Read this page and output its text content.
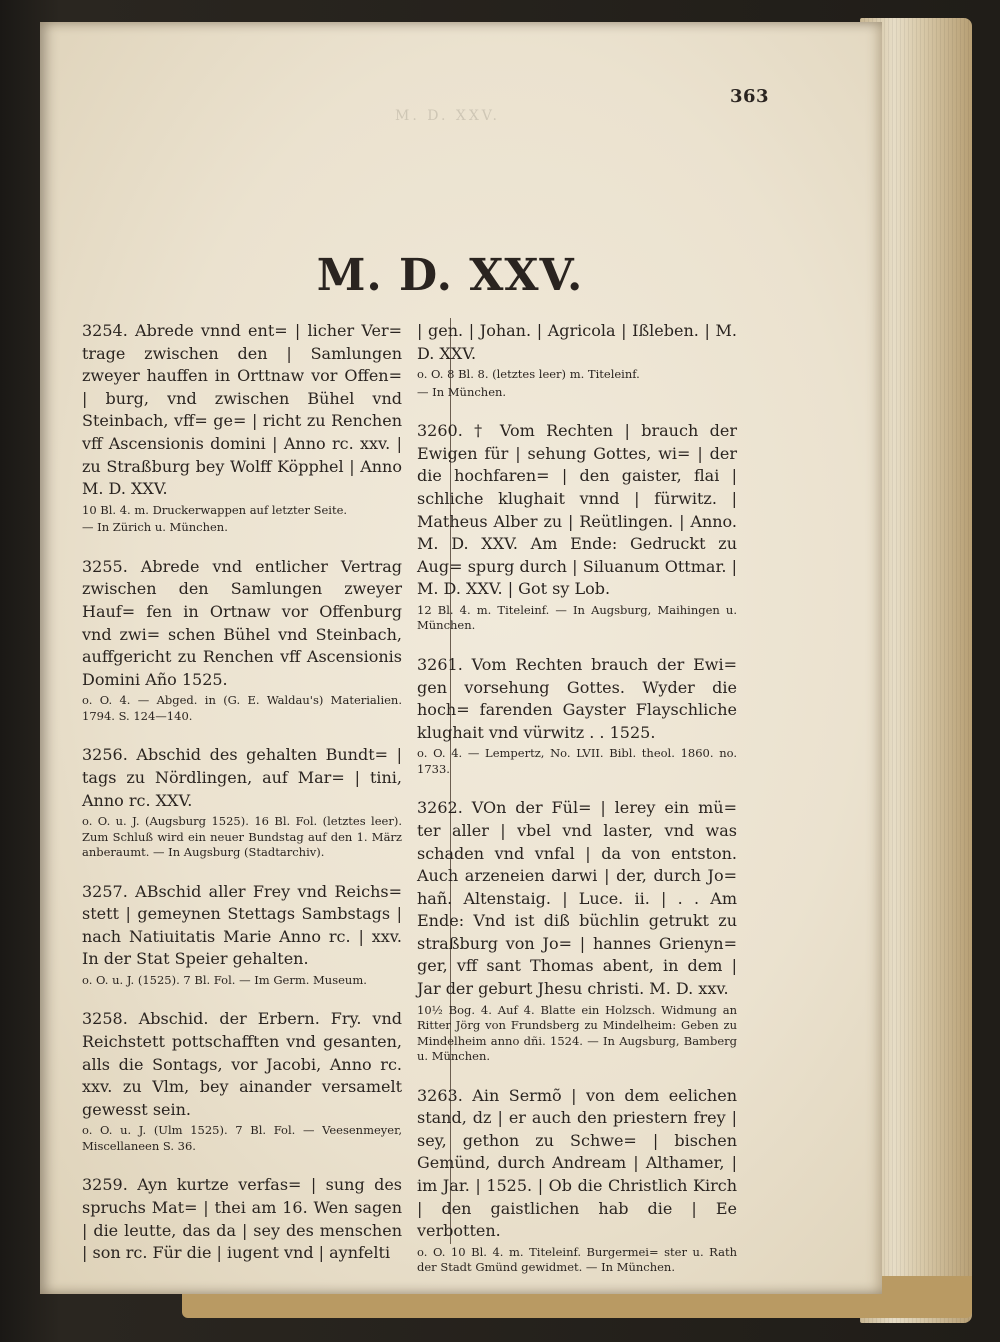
M. D. XXV.
363
M. D. XXV.

3254. Abrede vnnd ent= | licher Ver= trage zwischen den | Samlungen zweyer hauffen in Orttnaw vor Offen= | burg, vnd zwischen Bühel vnd Steinbach, vff= ge= | richt zu Renchen vff Ascensionis domini | Anno rc. xxv. | zu Straßburg bey Wolff Köpphel | Anno M. D. XXV.

10 Bl. 4. m. Druckerwappen auf letzter Seite.

— In Zürich u. München.

3255. Abrede vnd entlicher Vertrag zwischen den Samlungen zweyer Hauf= fen in Ortnaw vor Offenburg vnd zwi= schen Bühel vnd Steinbach, auffgericht zu Renchen vff Ascensionis Domini Año 1525.

o. O. 4. — Abged. in (G. E. Waldau's) Materialien. 1794. S. 124—140.

3256. Abschid des gehalten Bundt= | tags zu Nördlingen, auf Mar= | tini, Anno rc. XXV.

o. O. u. J. (Augsburg 1525). 16 Bl. Fol. (letztes leer). Zum Schluß wird ein neuer Bundstag auf den 1. März anberaumt. — In Augsburg (Stadtarchiv).

3257. ABschid aller Frey vnd Reichs= stett | gemeynen Stettags Sambstags | nach Natiuitatis Marie Anno rc. | xxv. In der Stat Speier gehalten.

o. O. u. J. (1525). 7 Bl. Fol. — Im Germ. Museum.

3258. Abschid. der Erbern. Fry. vnd Reichstett pottschafften vnd gesanten, alls die Sontags, vor Jacobi, Anno rc. xxv. zu Vlm, bey ainander versamelt gewesst sein.

o. O. u. J. (Ulm 1525). 7 Bl. Fol. — Veesenmeyer, Miscellaneen S. 36.

3259. Ayn kurtze verfas= | sung des spruchs Mat= | thei am 16. Wen sagen | die leutte, das da | sey des menschen | son rc. Für die | iugent vnd | aynfelti

| gen. | Johan. | Agricola | Ißleben. | M. D. XXV.

o. O. 8 Bl. 8. (letztes leer) m. Titeleinf.

— In München.

3260. † Vom Rechten | brauch der Ewigen für | sehung Gottes, wi= | der die hochfaren= | den gaister, flai | schliche klughait vnnd | fürwitz. | Matheus Alber zu | Reütlingen. | Anno. M. D. XXV. Am Ende: Gedruckt zu Aug= spurg durch | Siluanum Ottmar. | M. D. XXV. | Got sy Lob.

12 Bl. 4. m. Titeleinf. — In Augsburg, Maihingen u. München.

3261. Vom Rechten brauch der Ewi= gen vorsehung Gottes. Wyder die hoch= farenden Gayster Flayschliche klughait vnd vürwitz . . 1525.

o. O. 4. — Lempertz, No. LVII. Bibl. theol. 1860. no. 1733.

3262. VOn der Fül= | lerey ein mü= ter aller | vbel vnd laster, vnd was schaden vnd vnfal | da von entston. Auch arzeneien darwi | der, durch Jo= hañ. Altenstaig. | Luce. ii. | . . Am Ende: Vnd ist diß büchlin getrukt zu straßburg von Jo= | hannes Grienyn= ger, vff sant Thomas abent, in dem | Jar der geburt Jhesu christi. M. D. xxv.

10½ Bog. 4. Auf 4. Blatte ein Holzsch. Widmung an Ritter Jörg von Frundsberg zu Mindelheim: Geben zu Mindelheim anno dñi. 1524. — In Augsburg, Bamberg u. München.

3263. Ain Sermõ | von dem eelichen stand, dz | er auch den priestern frey | sey, gethon zu Schwe= | bischen Gemünd, durch Andream | Althamer, | im Jar. | 1525. | Ob die Christlich Kirch | den gaistlichen hab die | Ee verbotten.

o. O. 10 Bl. 4. m. Titeleinf. Burgermei= ster u. Rath der Stadt Gmünd gewidmet. — In München.
